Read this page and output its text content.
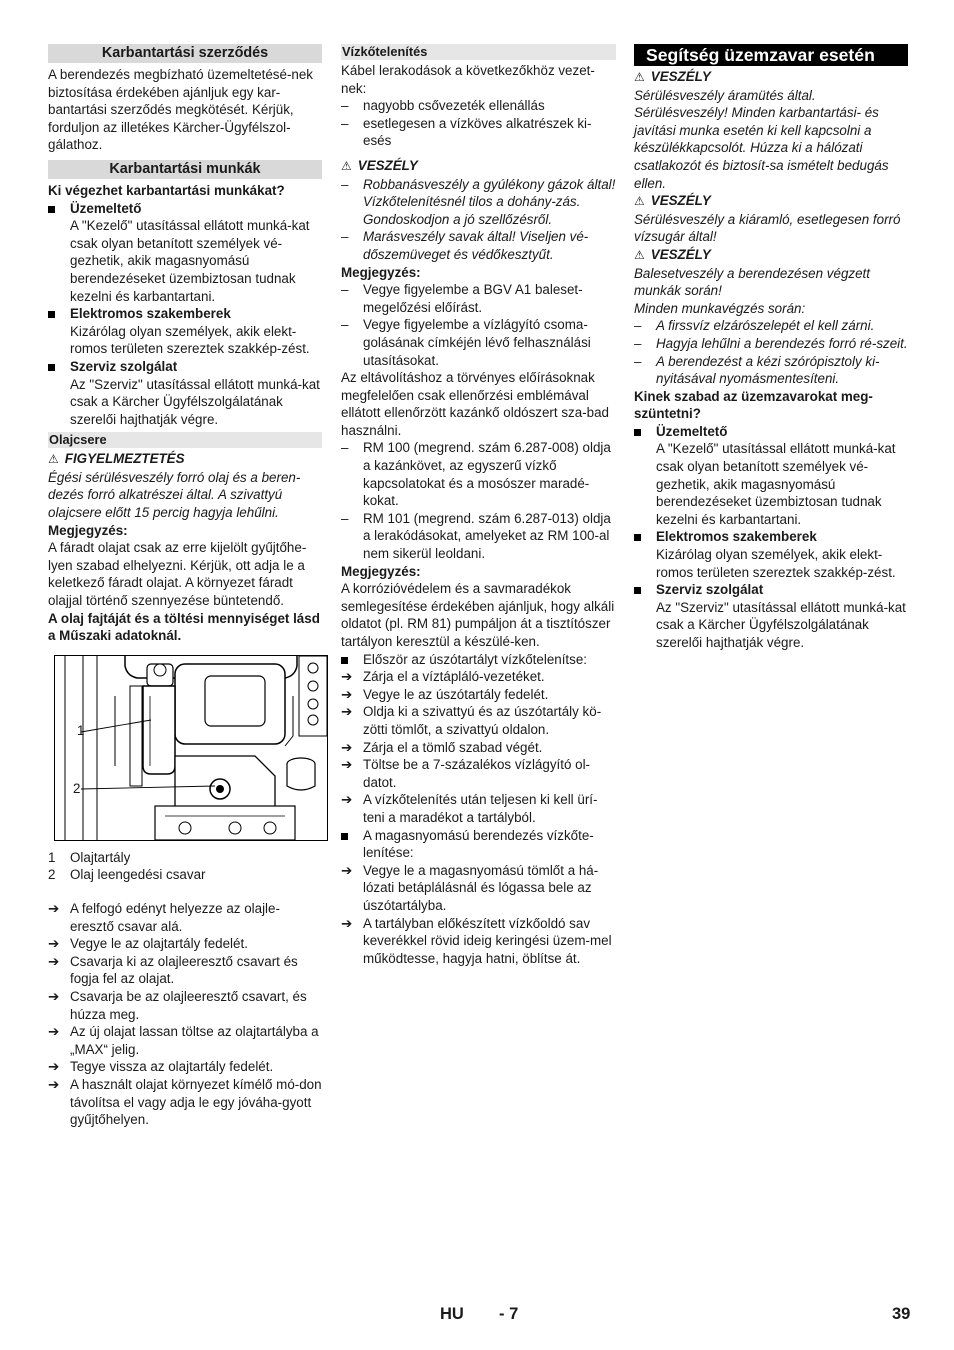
Karbantartási szerződés

A berendezés megbízható üzemeltetésé-nek biztosítása érdekében ajánljuk egy kar-bantartási szerződés megkötését. Kérjük, forduljon az illetékes Kärcher-Ügyfélszol-gálathoz.

Karbantartási munkák

Ki végezhet karbantartási munkákat?

Üzemeltető

A "Kezelő" utasítással ellátott munká-kat csak olyan betanított személyek vé-gezhetik, akik magasnyomású berendezéseket üzembiztosan tudnak kezelni és karbantartani.

Elektromos szakemberek

Kizárólag olyan személyek, akik elekt-romos területen szereztek szakkép-zést.

Szerviz szolgálat

Az "Szerviz" utasítással ellátott munká-kat csak a Kärcher Ügyfélszolgálatának szerelői hajthatják végre.

Olajcsere

⚠ FIGYELMEZTETÉS

Égési sérülésveszély forró olaj és a beren-dezés forró alkatrészei által. A szivattyú olajcsere előtt 15 percig hagyja lehűlni.

Megjegyzés:

A fáradt olajat csak az erre kijelölt gyűjtőhe-lyen szabad elhelyezni. Kérjük, ott adja le a keletkező fáradt olajat. A környezet fáradt olajjal történő szennyezése büntetendő.

A olaj fajtáját és a töltési mennyiséget lásd a Műszaki adatoknál.

1
2
1 Olajtartály
2 Olaj leengedési csavar
➔ A felfogó edényt helyezze az olajle-eresztő csavar alá.
➔ Vegye le az olajtartály fedelét.
➔ Csavarja ki az olajleeresztő csavart és fogja fel az olajat.
➔ Csavarja be az olajleeresztő csavart, és húzza meg.
➔ Az új olajat lassan töltse az olajtartályba a „MAX“ jelig.
➔ Tegye vissza az olajtartály fedelét.
➔ A használt olajat környezet kímélő mó-don távolítsa el vagy adja le egy jóváha-gyott gyűjtőhelyen.
Vízkőtelenítés

Kábel lerakodások a következőkhöz vezet-nek:

– nagyobb csővezeték ellenállás
– esetlegesen a vízköves alkatrészek ki-esés

⚠ VESZÉLY

– Robbanásveszély a gyúlékony gázok által! Vízkőtelenítésnél tilos a dohány-zás. Gondoskodjon a jó szellőzésről.
– Marásveszély savak által! Viseljen vé-dőszemüveget és védőkesztyűt.

Megjegyzés:

– Vegye figyelembe a BGV A1 baleset-megelőzési előírást.
– Vegye figyelembe a vízlágyító csoma-golásának címkéjén lévő felhasználási utasításokat.

Az eltávolításhoz a törvényes előírásoknak megfelelően csak ellenőrzési emblémával ellátott ellenőrzött kazánkő oldószert sza-bad használni.

– RM 100 (megrend. szám 6.287-008) oldja a kazánkövet, az egyszerű vízkő kapcsolatokat és a mosószer maradé-kokat.
– RM 101 (megrend. szám 6.287-013) oldja a lerakódásokat, amelyeket az RM 100-al nem sikerül leoldani.

Megjegyzés:

A korrózióvédelem és a savmaradékok semlegesítése érdekében ajánljuk, hogy alkáli oldatot (pl. RM 81) pumpáljon át a tisztítószer tartályon keresztül a készülé-ken.

Először az úszótartályt vízkőtelenítse:
➔ Zárja el a víztápláló-vezetéket.
➔ Vegye le az úszótartály fedelét.
➔ Oldja ki a szivattyú és az úszótartály kö-zötti tömlőt, a szivattyú oldalon.
➔ Zárja el a tömlő szabad végét.
➔ Töltse be a 7-százalékos vízlágyító ol-datot.
➔ A vízkőtelenítés után teljesen ki kell ürí-teni a maradékot a tartályból.
A magasnyomású berendezés vízkőte-lenítése:
➔ Vegye le a magasnyomású tömlőt a há-lózati betáplálásnál és lógassa bele az úszótartályba.
➔ A tartályban előkészített vízkőoldó sav keverékkel rövid ideig keringési üzem-mel működtesse, hagyja hatni, öblítse át.
Segítség üzemzavar esetén

⚠ VESZÉLY

Sérülésveszély áramütés által. Sérülésveszély! Minden karbantartási- és javítási munka esetén ki kell kapcsolni a készülékkapcsolót. Húzza ki a hálózati csatlakozót és biztosít-sa ismételt bedugás ellen.

⚠ VESZÉLY

Sérülésveszély a kiáramló, esetlegesen forró vízsugár által!

⚠ VESZÉLY

Balesetveszély a berendezésen végzett munkák során!

Minden munkavégzés során:

– A firssvíz elzárószelepét el kell zárni.
– Hagyja lehűlni a berendezés forró ré-szeit.
– A berendezést a kézi szórópisztoly ki-nyitásával nyomásmentesíteni.

Kinek szabad az üzemzavarokat meg-szüntetni?

Üzemeltető

A "Kezelő" utasítással ellátott munká-kat csak olyan betanított személyek vé-gezhetik, akik magasnyomású berendezéseket üzembiztosan tudnak kezelni és karbantartani.

Elektromos szakemberek

Kizárólag olyan személyek, akik elekt-romos területen szereztek szakkép-zést.

Szerviz szolgálat

Az "Szerviz" utasítással ellátott munká-kat csak a Kärcher Ügyfélszolgálatának szerelői hajthatják végre.

HU - 7	39
